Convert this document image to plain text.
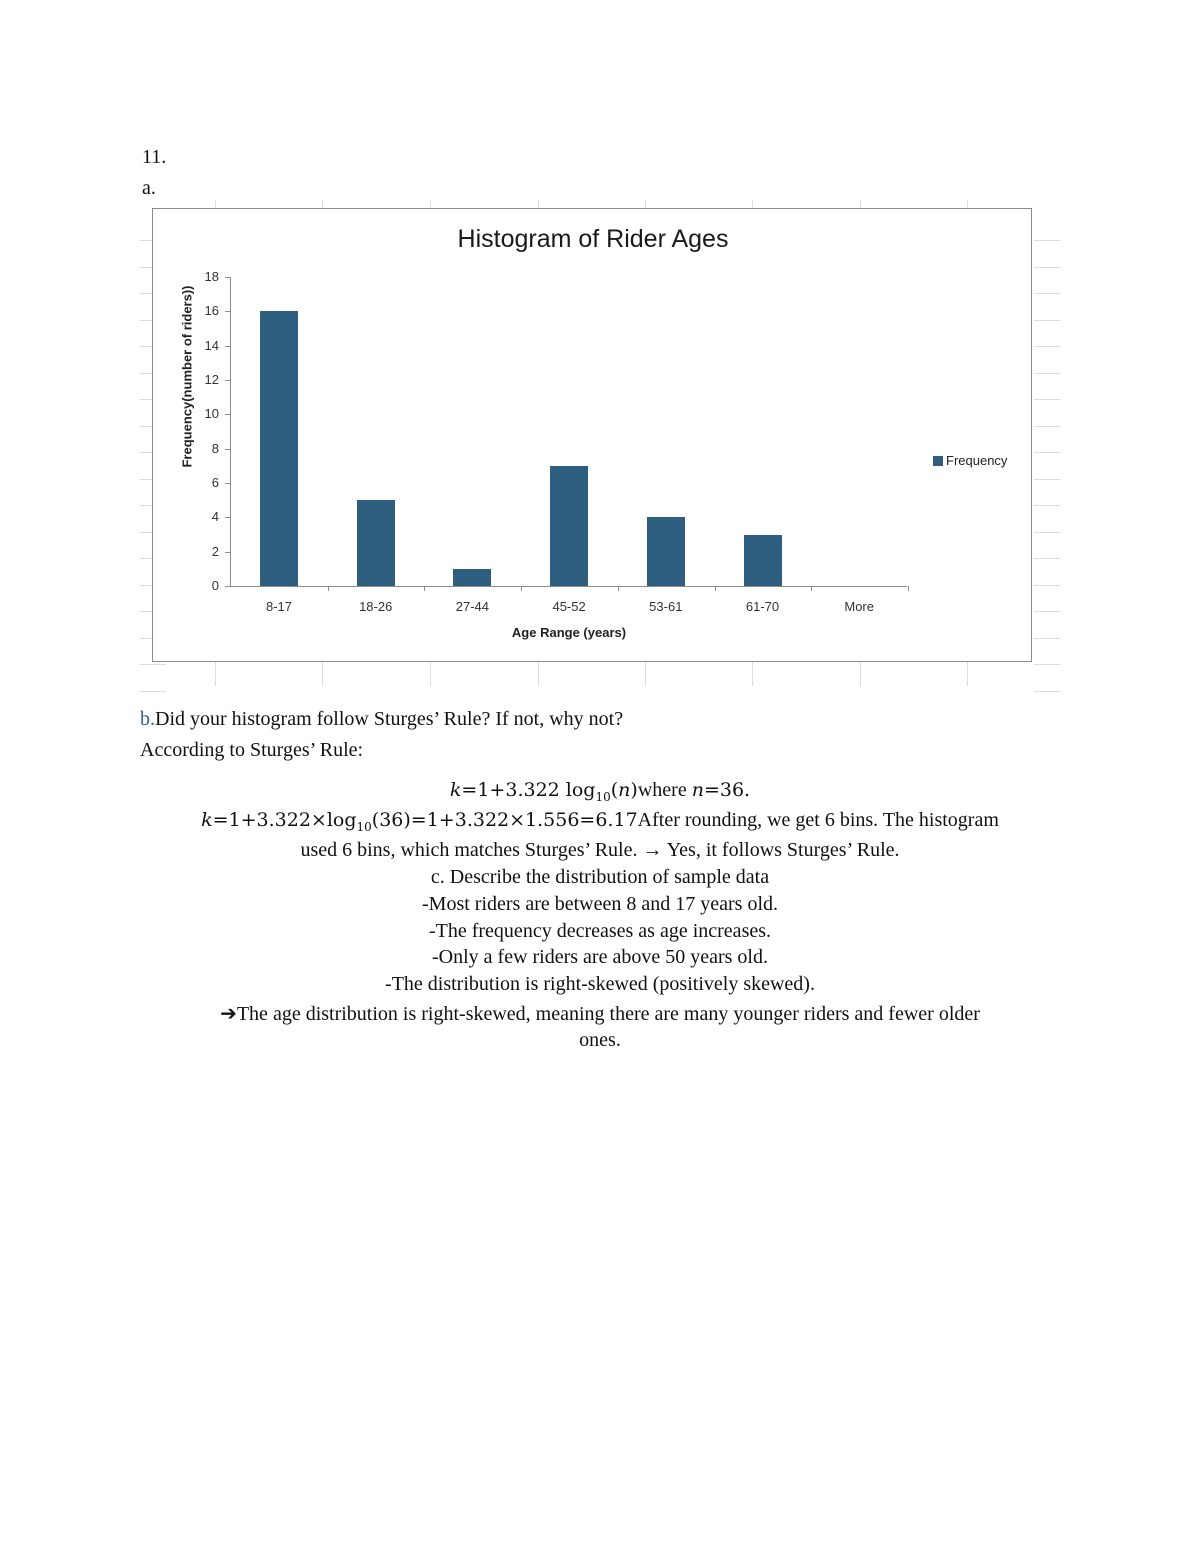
11.
a.
Histogram of Rider Ages
Frequency(number of riders))
0
2
4
6
8
10
12
14
16
18
8-17	18-26	27-44	45-52	53-61	61-70	More
Age Range (years)
Frequency
b.Did your histogram follow Sturges’ Rule? If not, why not?
According to Sturges’ Rule:
k=1+3.322 $\log_{10}(n)where$ n=36.
$k=1+3.322\times\log_{10}(36)=1+3.322\times 1.556=6.17After$ rounding, we get 6 bins. The histogram
used 6 bins, which matches Sturges’ Rule. → Yes, it follows Sturges’ Rule.
c. Describe the distribution of sample data
-Most riders are between 8 and 17 years old.
-The frequency decreases as age increases.
-Only a few riders are above 50 years old.
-The distribution is right-skewed (positively skewed).
➔The age distribution is right-skewed, meaning there are many younger riders and fewer older
ones.
